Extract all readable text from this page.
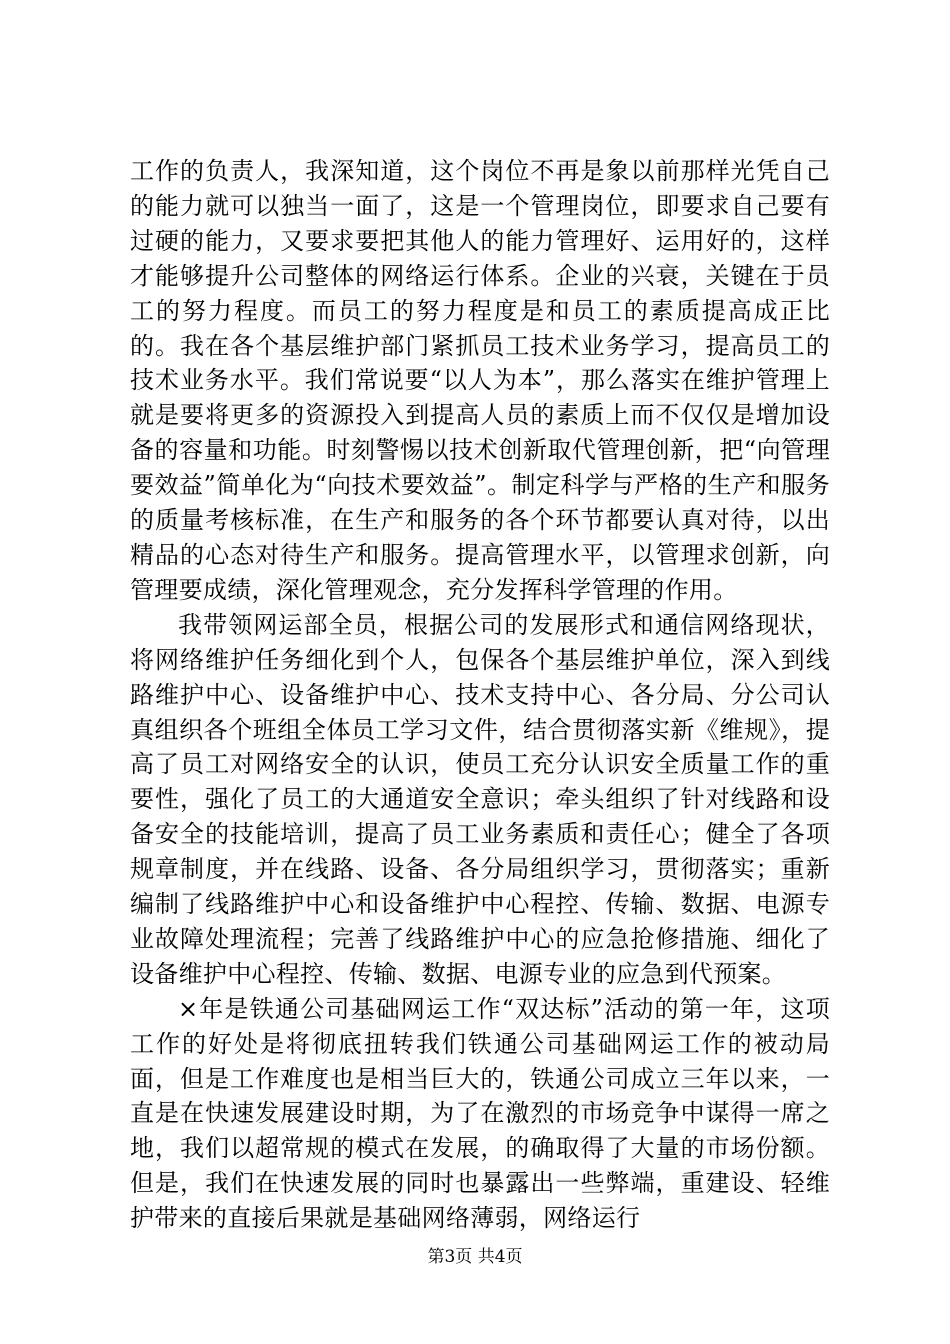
工作的负责人，我深知道，这个岗位不再是象以前那样光凭自己的能力就可以独当一面了，这是一个管理岗位，即要求自己要有过硬的能力，又要求要把其他人的能力管理好、运用好的，这样才能够提升公司整体的网络运行体系。企业的兴衰，关键在于员工的努力程度。而员工的努力程度是和员工的素质提高成正比的。我在各个基层维护部门紧抓员工技术业务学习，提高员工的技术业务水平。我们常说要“以人为本”，那么落实在维护管理上就是要将更多的资源投入到提高人员的素质上而不仅仅是增加设备的容量和功能。时刻警惕以技术创新取代管理创新，把“向管理要效益”简单化为“向技术要效益”。制定科学与严格的生产和服务的质量考核标准，在生产和服务的各个环节都要认真对待，以出精品的心态对待生产和服务。提高管理水平，以管理求创新，向管理要成绩，深化管理观念，充分发挥科学管理的作用。

我带领网运部全员，根据公司的发展形式和通信网络现状，将网络维护任务细化到个人，包保各个基层维护单位，深入到线路维护中心、设备维护中心、技术支持中心、各分局、分公司认真组织各个班组全体员工学习文件，结合贯彻落实新《维规》，提高了员工对网络安全的认识，使员工充分认识安全质量工作的重要性，强化了员工的大通道安全意识；牵头组织了针对线路和设备安全的技能培训，提高了员工业务素质和责任心；健全了各项规章制度，并在线路、设备、各分局组织学习，贯彻落实；重新编制了线路维护中心和设备维护中心程控、传输、数据、电源专业故障处理流程；完善了线路维护中心的应急抢修措施、细化了设备维护中心程控、传输、数据、电源专业的应急到代预案。

×年是铁通公司基础网运工作“双达标”活动的第一年，这项工作的好处是将彻底扭转我们铁通公司基础网运工作的被动局面，但是工作难度也是相当巨大的，铁通公司成立三年以来，一直是在快速发展建设时期，为了在激烈的市场竞争中谋得一席之地，我们以超常规的模式在发展，的确取得了大量的市场份额。但是，我们在快速发展的同时也暴露出一些弊端，重建设、轻维护带来的直接后果就是基础网络薄弱，网络运行

第3页 共4页
